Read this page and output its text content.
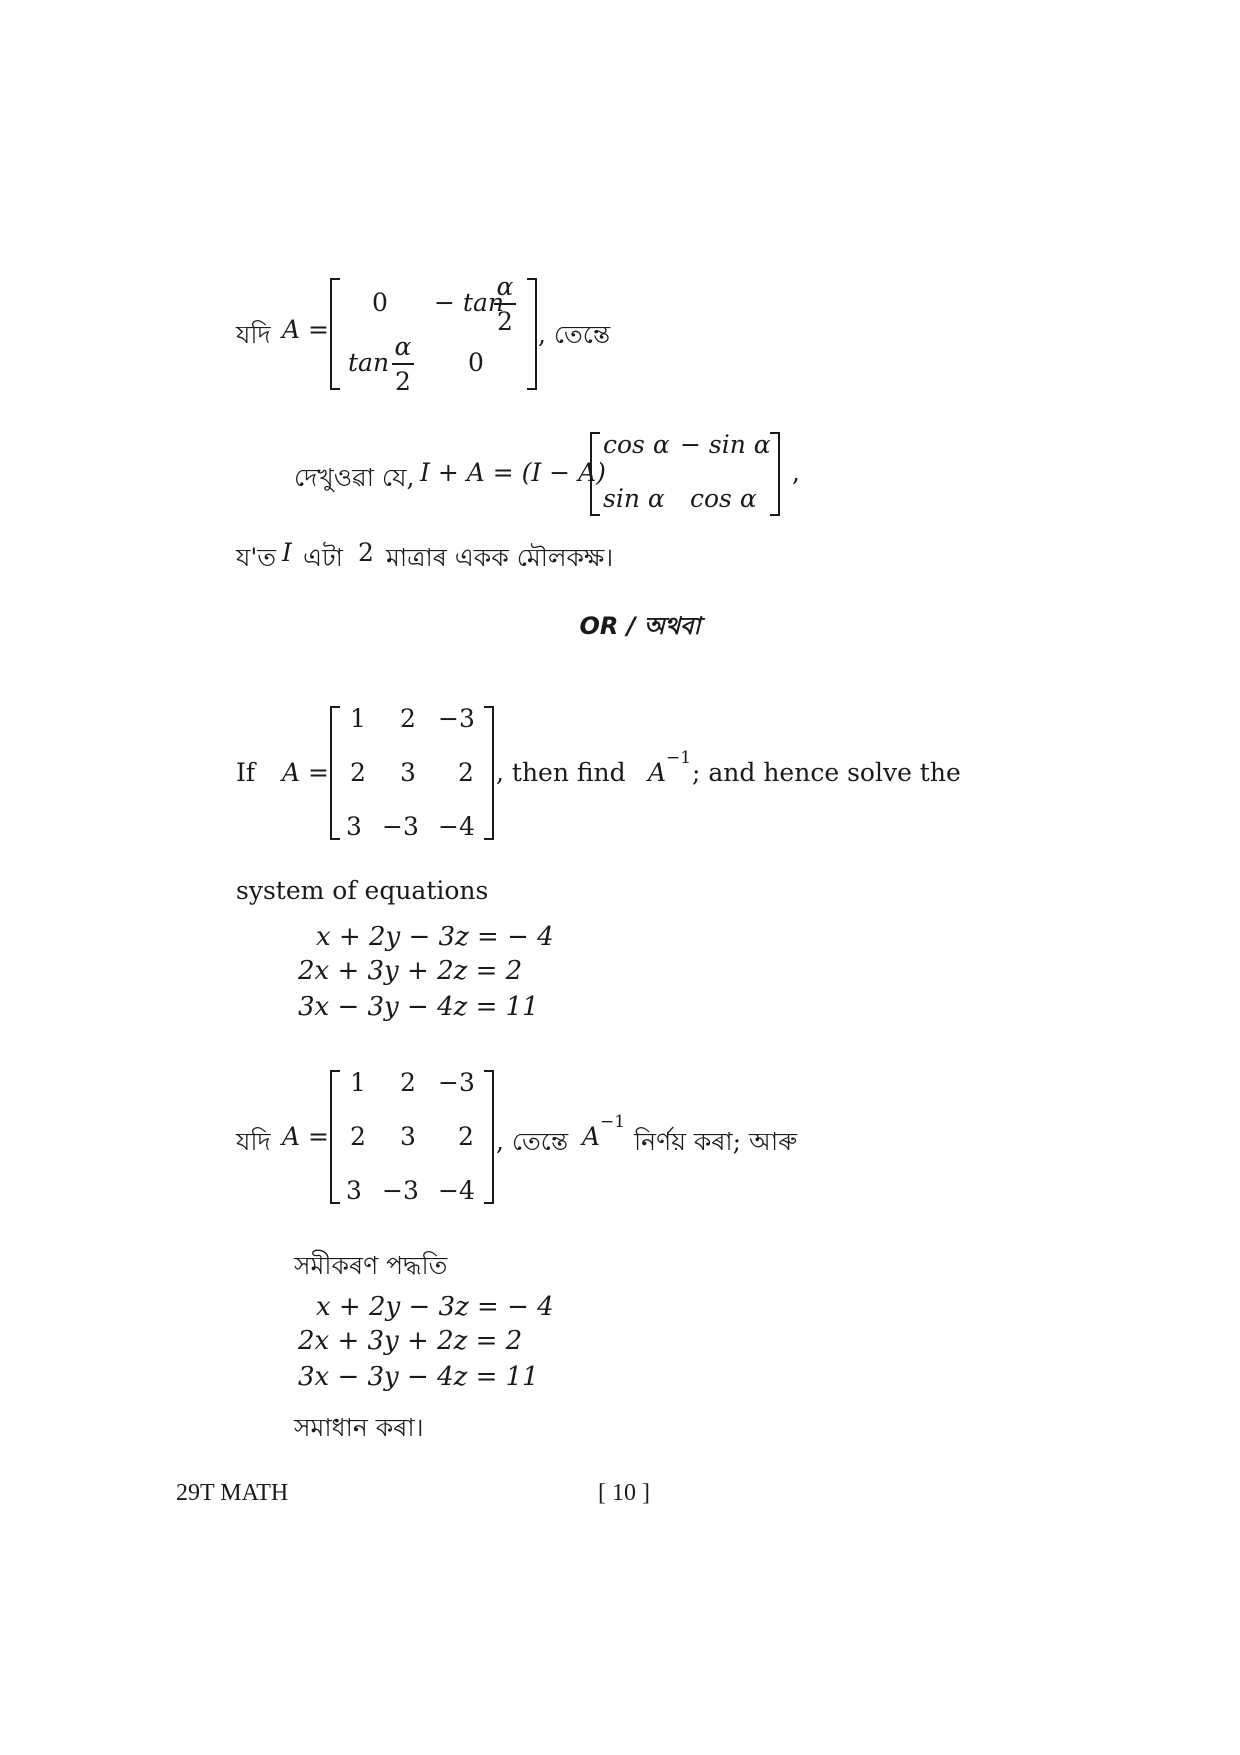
যদি A =
0 − tan
α
2
tan
α
2
0
, তেন্তে
দেখুওৱা যে, I + A = (I − A)
cos α − sin α
sin α cos α
,
য'ত I এটা 2 মাত্ৰাৰ একক মৌলকক্ষ।
OR / অথবা
If A =
1 2 −3
2 3 2
3 −3 −4
, then find A −1 ; and hence solve the
system of equations
x + 2y − 3z = − 4
2x + 3y + 2z = 2
3x − 3y − 4z = 11
যদি A =
1 2 −3
2 3 2
3 −3 −4
, তেন্তে A −1
নিৰ্ণয় কৰা; আৰু
সমীকৰণ পদ্ধতি
x + 2y − 3z = − 4
2x + 3y + 2z = 2
3x − 3y − 4z = 11
সমাধান কৰা।
29T MATH	[ 10 ]
